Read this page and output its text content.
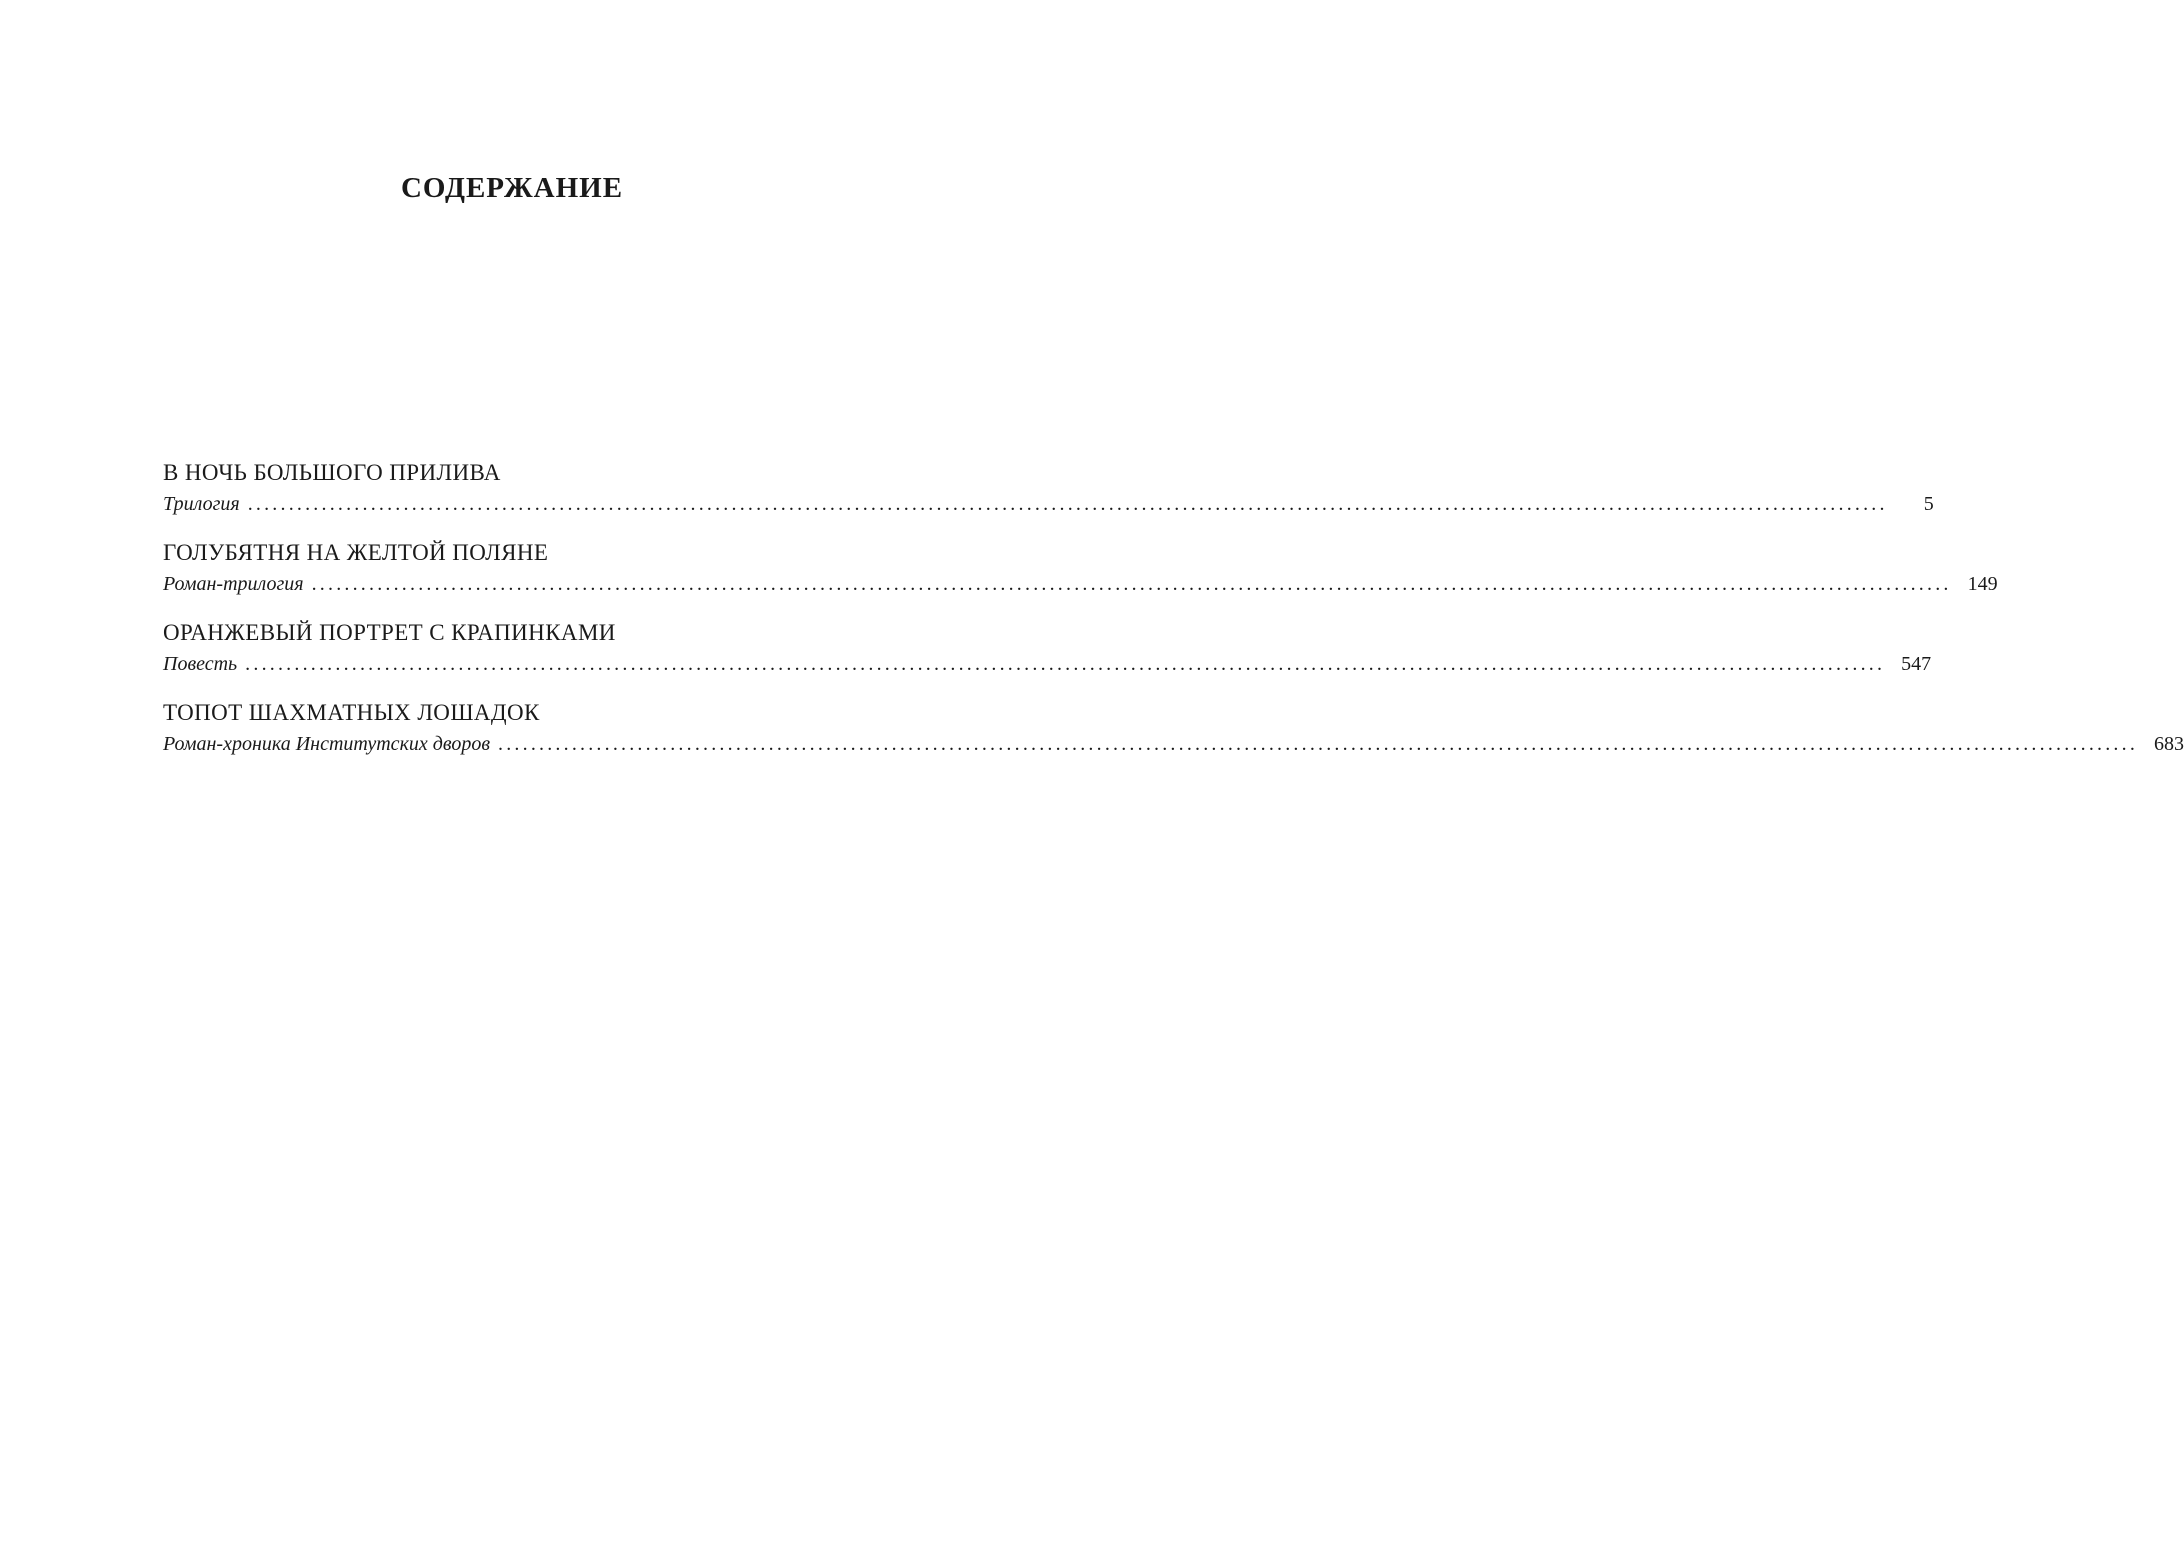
СОДЕРЖАНИЕ
В НОЧЬ БОЛЬШОГО ПРИЛИВА
Трилогия ........................................................................................................................................................................................................	5
ГОЛУБЯТНЯ НА ЖЕЛТОЙ ПОЛЯНЕ
Роман-трилогия ........................................................................................................................................................................................................ 149
ОРАНЖЕВЫЙ ПОРТРЕТ С КРАПИНКАМИ
Повесть ........................................................................................................................................................................................................ 547
ТОПОТ ШАХМАТНЫХ ЛОШАДОК
Роман-хроника Институтских дворов ........................................................................................................................................................................................................ 683
